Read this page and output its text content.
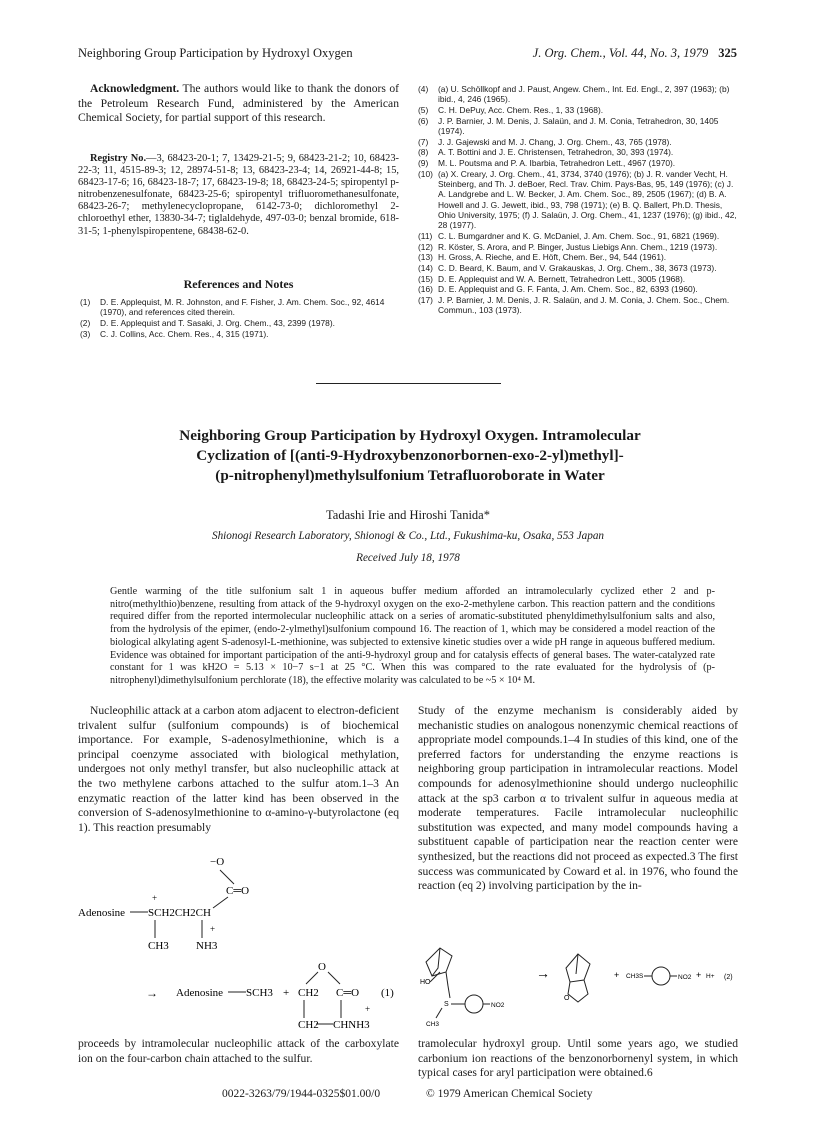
Neighboring Group Participation by Hydroxyl Oxygen	J. Org. Chem., Vol. 44, No. 3, 1979 325
Acknowledgment. The authors would like to thank the donors of the Petroleum Research Fund, administered by the American Chemical Society, for partial support of this research.
Registry No.—3, 68423-20-1; 7, 13429-21-5; 9, 68423-21-2; 10, 68423-22-3; 11, 4515-89-3; 12, 28974-51-8; 13, 68423-23-4; 14, 26921-44-8; 15, 68423-17-6; 16, 68423-18-7; 17, 68423-19-8; 18, 68423-24-5; spiropentyl p-nitrobenzenesulfonate, 68423-25-6; spiropentyl trifluoromethanesulfonate, 68423-26-7; methylenecyclopropane, 6142-73-0; dichloromethyl 2-chloroethyl ether, 13830-34-7; tiglaldehyde, 497-03-0; benzal bromide, 618-31-5; 1-phenylspiropentene, 68438-62-0.
References and Notes
(1)	D. E. Applequist, M. R. Johnston, and F. Fisher, J. Am. Chem. Soc., 92, 4614 (1970), and references cited therein.
(2)	D. E. Applequist and T. Sasaki, J. Org. Chem., 43, 2399 (1978).
(3)	C. J. Collins, Acc. Chem. Res., 4, 315 (1971).
(4)	(a) U. Schöllkopf and J. Paust, Angew. Chem., Int. Ed. Engl., 2, 397 (1963); (b) ibid., 4, 246 (1965).
(5)	C. H. DePuy, Acc. Chem. Res., 1, 33 (1968).
(6)	J. P. Barnier, J. M. Denis, J. Salaün, and J. M. Conia, Tetrahedron, 30, 1405 (1974).
(7)	J. J. Gajewski and M. J. Chang, J. Org. Chem., 43, 765 (1978).
(8)	A. T. Bottini and J. E. Christensen, Tetrahedron, 30, 393 (1974).
(9)	M. L. Poutsma and P. A. Ibarbia, Tetrahedron Lett., 4967 (1970).
(10) (a) X. Creary, J. Org. Chem., 41, 3734, 3740 (1976); (b) J. R. vander Vecht, H. Steinberg, and Th. J. deBoer, Recl. Trav. Chim. Pays-Bas, 95, 149 (1976); (c) J. A. Landgrebe and L. W. Becker, J. Am. Chem. Soc., 89, 2505 (1967); (d) B. A. Howell and J. G. Jewett, ibid., 93, 798 (1971); (e) B. Q. Ballert, Ph.D. Thesis, Ohio University, 1975; (f) J. Salaün, J. Org. Chem., 41, 1237 (1976); (g) ibid., 42, 28 (1977).
(11) C. L. Bumgardner and K. G. McDaniel, J. Am. Chem. Soc., 91, 6821 (1969).
(12) R. Köster, S. Arora, and P. Binger, Justus Liebigs Ann. Chem., 1219 (1973).
(13) H. Gross, A. Rieche, and E. Höft, Chem. Ber., 94, 544 (1961).
(14) C. D. Beard, K. Baum, and V. Grakauskas, J. Org. Chem., 38, 3673 (1973).
(15) D. E. Applequist and W. A. Bernett, Tetrahedron Lett., 3005 (1968).
(16) D. E. Applequist and G. F. Fanta, J. Am. Chem. Soc., 82, 6393 (1960).
(17) J. P. Barnier, J. M. Denis, J. R. Salaün, and J. M. Conia, J. Chem. Soc., Chem. Commun., 103 (1973).
Neighboring Group Participation by Hydroxyl Oxygen. Intramolecular
Cyclization of [(anti-9-Hydroxybenzonorbornen-exo-2-yl)methyl]-
(p-nitrophenyl)methylsulfonium Tetrafluoroborate in Water
Tadashi Irie and Hiroshi Tanida*
Shionogi Research Laboratory, Shionogi & Co., Ltd., Fukushima-ku, Osaka, 553 Japan
Received July 18, 1978
Gentle warming of the title sulfonium salt 1 in aqueous buffer medium afforded an intramolecularly cyclized ether 2 and p-nitro(methylthio)benzene, resulting from attack of the 9-hydroxyl oxygen on the exo-2-methylene carbon. This reaction pattern and the conditions required differ from the reported intermolecular nucleophilic attack on a series of aromatic-substituted phenyldimethylsulfonium salts and also, from the hydrolysis of the epimer, (endo-2-ylmethyl)sulfonium compound 16. The reaction of 1, which may be considered a model reaction of the biological alkylating agent S-adenosyl-L-methionine, was subjected to extensive kinetic studies over a wide pH range in aqueous buffered medium. Evidence was obtained for important participation of the anti-9-hydroxyl group and for catalysis effects of general bases. The water-catalyzed rate constant for 1 was kH2O = 5.13 × 10−7 s−1 at 25 °C. When this was compared to the rate evaluated for the hydrolysis of (p-nitrophenyl)dimethylsulfonium perchlorate (18), the effective molarity was calculated to be ~5 × 10⁴ M.
Nucleophilic attack at a carbon atom adjacent to electron-deficient trivalent sulfur (sulfonium compounds) is of biochemical importance. For example, S-adenosylmethionine, which is a principal coenzyme associated with biological methylation, undergoes not only methyl transfer, but also nucleophilic attack at the two methylene carbons attached to the sulfur atom.1–3 An enzymatic reaction of the latter kind has been observed in the conversion of S-adenosylmethionine to α-amino-γ-butyrolactone (eq 1). This reaction presumably
−O
C═O
+
Adenosine SCH2CH2CH
+
CH3 NH3
→ Adenosine SCH3 +
O
CH2 C═O
+
CH2 CHNH3
(1)
proceeds by intramolecular nucleophilic attack of the carboxylate ion on the four-carbon chain attached to the sulfur.
Study of the enzyme mechanism is considerably aided by mechanistic studies on analogous nonenzymic chemical reactions of appropriate model compounds.1–4 In studies of this kind, one of the preferred factors for understanding the enzyme reactions is neighboring group participation in intramolecular reactions. Model compounds for adenosylmethionine should undergo nucleophilic attack at the sp3 carbon α to trivalent sulfur in aqueous media at moderate temperatures. Facile intramolecular nucleophilic substitution was expected, and many model compounds having a substituent capable of participation near the reaction center were synthesized, but the reactions did not proceed as expected.3 The first success was communicated by Coward et al. in 1976, who found the reaction (eq 2) involving participation by the in-
HO
S	NO2
CH3
→
O
+ CH3S	NO2 + H+ (2)
tramolecular hydroxyl group. Until some years ago, we studied carbonium ion reactions of the benzonorbornenyl system, in which typical cases for aryl participation were obtained.6
0022-3263/79/1944-0325$01.00/0	© 1979 American Chemical Society
